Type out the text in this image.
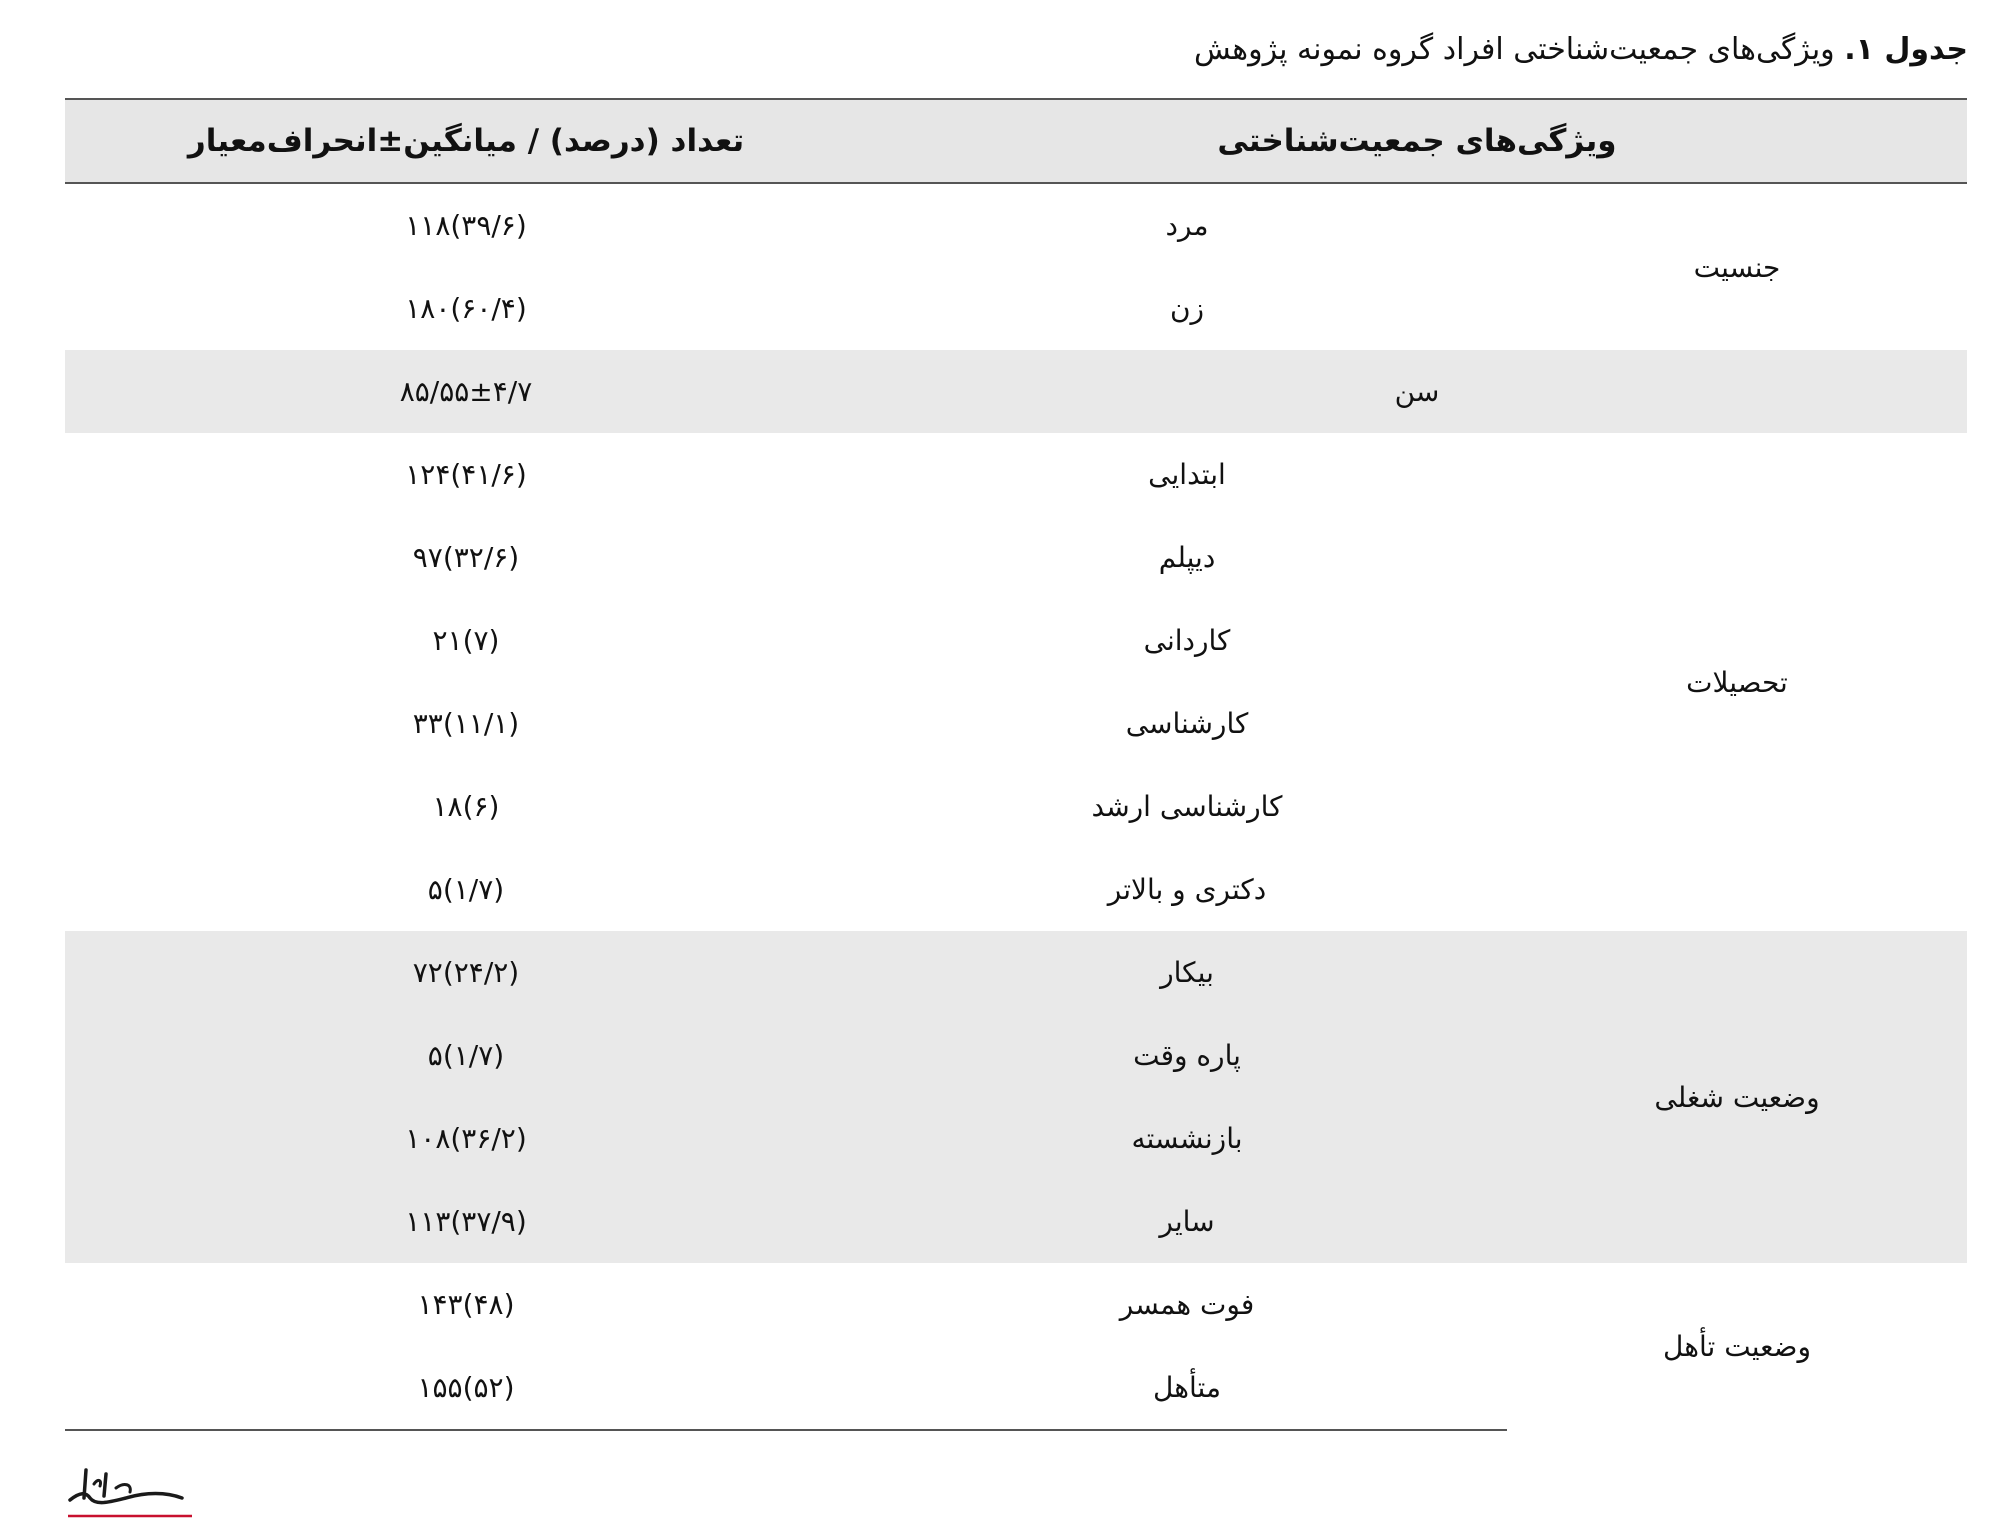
جدول ۱. ویژگی‌های جمعیت‌شناختی افراد گروه نمونه پژوهش
ویژگی‌های جمعیت‌شناختی		تعداد (درصد) / میانگین±انحراف‌معیار
جنسیت	مرد	۱۱۸(۳۹/۶)
	زن	۱۸۰(۶۰/۴)
سن		۸۵/۵۵±۴/۷
تحصیلات	ابتدایی	۱۲۴(۴۱/۶)
	دیپلم	۹۷(۳۲/۶)
	کاردانی	۲۱(۷)
	کارشناسی	۳۳(۱۱/۱)
	کارشناسی ارشد	۱۸(۶)
	دکتری و بالاتر	۵(۱/۷)
وضعیت شغلی	بیکار	۷۲(۲۴/۲)
	پاره وقت	۵(۱/۷)
	بازنشسته	۱۰۸(۳۶/۲)
	سایر	۱۱۳(۳۷/۹)
وضعیت تأهل	فوت همسر	۱۴۳(۴۸)
	متأهل	۱۵۵(۵۲)
